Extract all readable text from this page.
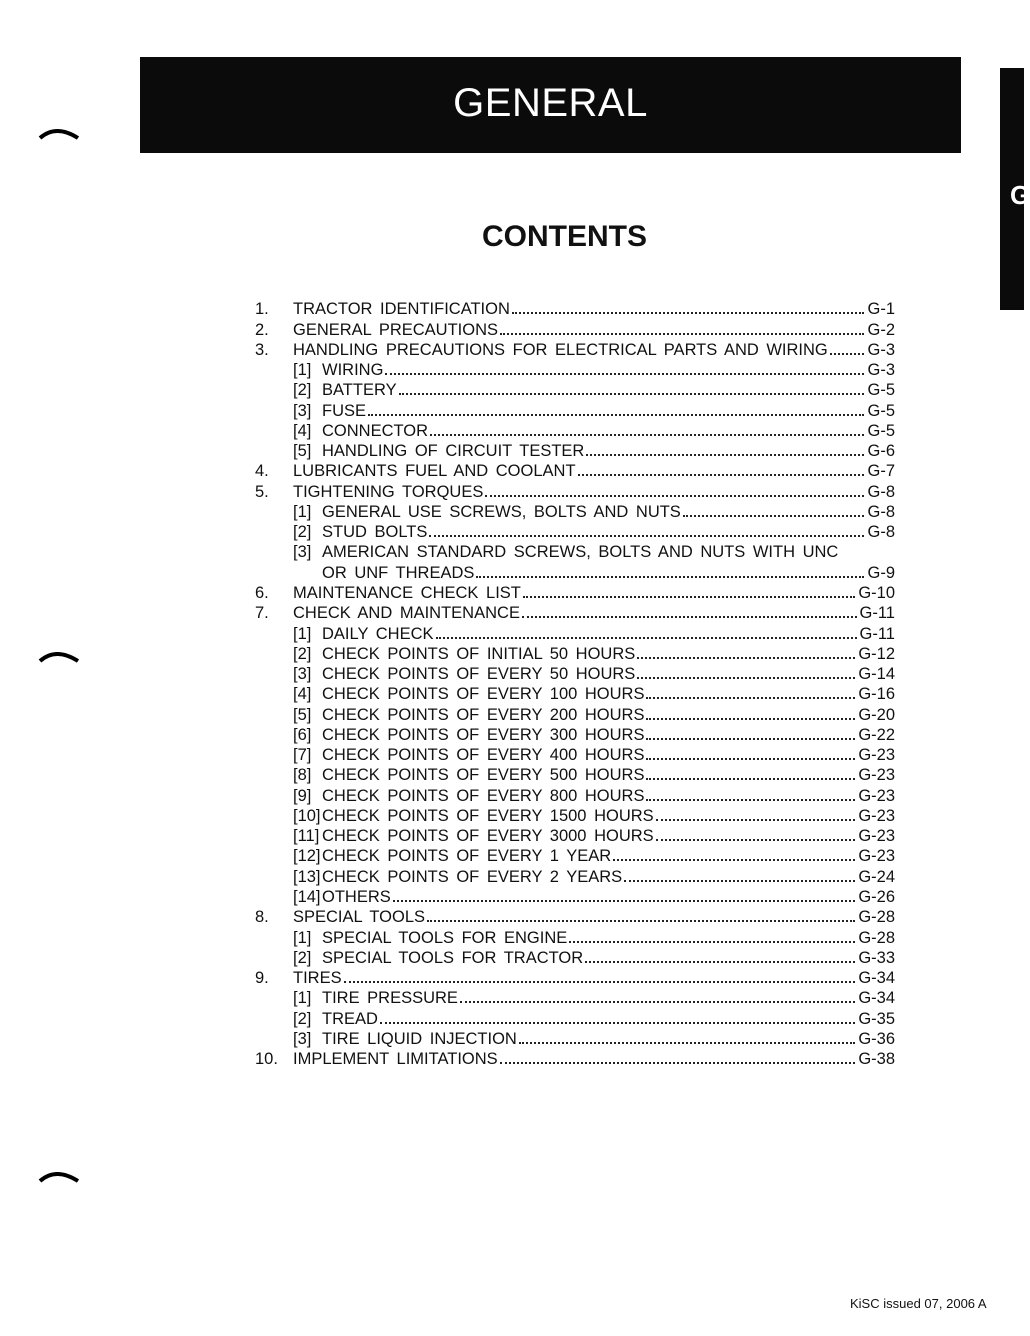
GENERAL
G
CONTENTS
1.	TRACTOR IDENTIFICATION	G-1
2.	GENERAL PRECAUTIONS	G-2
3.	HANDLING PRECAUTIONS FOR ELECTRICAL PARTS AND WIRING G-3
[1] WIRING	G-3
[2] BATTERY	G-5
[3] FUSE	G-5
[4] CONNECTOR	G-5
[5] HANDLING OF CIRCUIT TESTER	G-6
4.	LUBRICANTS FUEL AND COOLANT	G-7
5.	TIGHTENING TORQUES	G-8
[1] GENERAL USE SCREWS, BOLTS AND NUTS	G-8
[2] STUD BOLTS	G-8
[3] AMERICAN STANDARD SCREWS, BOLTS AND NUTS WITH UNC
OR UNF THREADS	G-9
6.	MAINTENANCE CHECK LIST	G-10
7.	CHECK AND MAINTENANCE	G-11
[1] DAILY CHECK	G-11
[2] CHECK POINTS OF INITIAL 50 HOURS	G-12
[3] CHECK POINTS OF EVERY 50 HOURS	G-14
[4] CHECK POINTS OF EVERY 100 HOURS	G-16
[5] CHECK POINTS OF EVERY 200 HOURS	G-20
[6] CHECK POINTS OF EVERY 300 HOURS	G-22
[7] CHECK POINTS OF EVERY 400 HOURS	G-23
[8] CHECK POINTS OF EVERY 500 HOURS	G-23
[9] CHECK POINTS OF EVERY 800 HOURS	G-23
[10] CHECK POINTS OF EVERY 1500 HOURS	G-23
[11] CHECK POINTS OF EVERY 3000 HOURS	G-23
[12] CHECK POINTS OF EVERY 1 YEAR	G-23
[13] CHECK POINTS OF EVERY 2 YEARS	G-24
[14] OTHERS	G-26
8.	SPECIAL TOOLS	G-28
[1] SPECIAL TOOLS FOR ENGINE	G-28
[2] SPECIAL TOOLS FOR TRACTOR	G-33
9.	TIRES	G-34
[1] TIRE PRESSURE	G-34
[2] TREAD	G-35
[3] TIRE LIQUID INJECTION	G-36
10. IMPLEMENT LIMITATIONS	G-38
KiSC issued 07, 2006 A
